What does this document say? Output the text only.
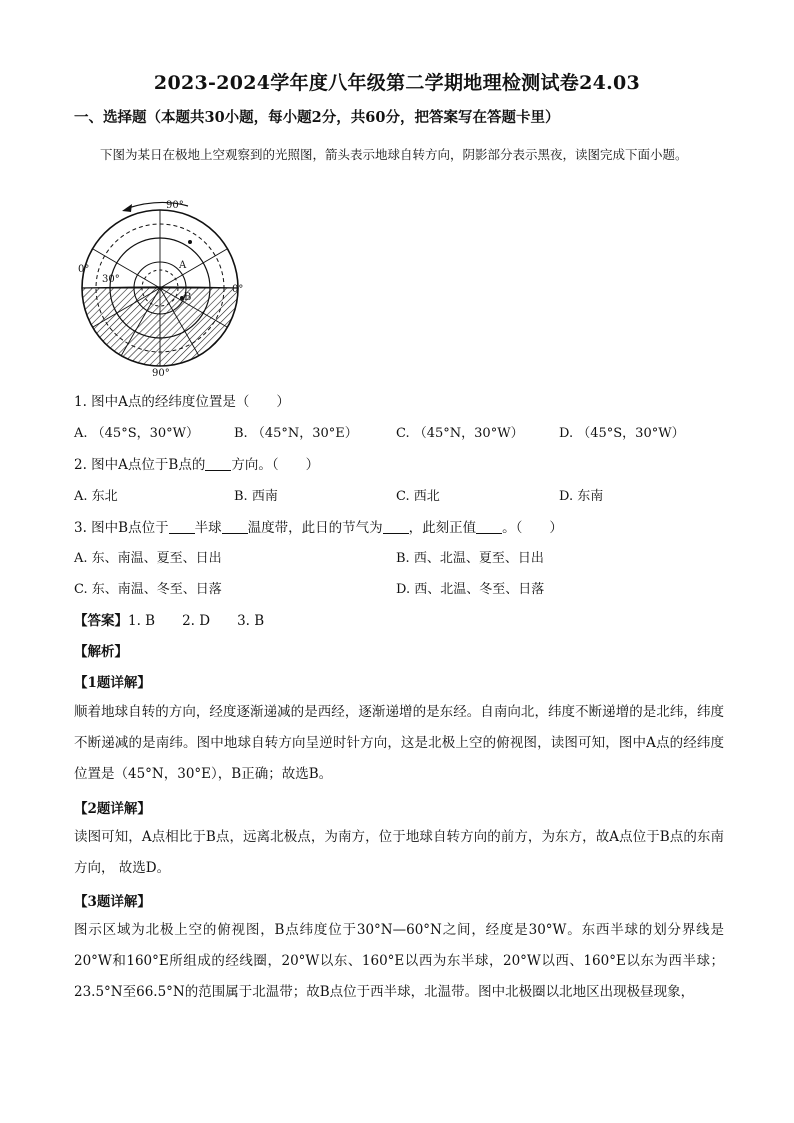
2023-2024学年度八年级第二学期地理检测试卷24.03
一、选择题（本题共30小题，每小题2分，共60分，把答案写在答题卡里）
下图为某日在极地上空观察到的光照图，箭头表示地球自转方向，阴影部分表示黑夜，读图完成下面小题。
90°
90°
0°
0°
30°
A
B
1. 图中A点的经纬度位置是（　　）
A. （45°S，30°W）	B. （45°N，30°E）	C. （45°N，30°W）	D. （45°S，30°W）
2. 图中A点位于B点的 方向。（　　）
A. 东北	B. 西南	C. 西北	D. 东南
3. 图中B点位于 半球 温度带，此日的节气为 ，此刻正值 。（　　）
A. 东、南温、夏至、日出	B. 西、北温、夏至、日出
C. 东、南温、冬至、日落	D. 西、北温、冬至、日落
【答案】1. B　　2. D　　3. B
【解析】
【1题详解】
顺着地球自转的方向，经度逐渐递减的是西经，逐渐递增的是东经。自南向北，纬度不断递增的是北纬，纬度不断递减的是南纬。图中地球自转方向呈逆时针方向，这是北极上空的俯视图，读图可知，图中A点的经纬度位置是（45°N，30°E），B正确；故选B。
【2题详解】
读图可知，A点相比于B点，远离北极点，为南方，位于地球自转方向的前方，为东方，故A点位于B点的东南方向， 故选D。
【3题详解】
图示区域为北极上空的俯视图，B点纬度位于30°N—60°N之间，经度是30°W。东西半球的划分界线是20°W和160°E所组成的经线圈，20°W以东、160°E以西为东半球，20°W以西、160°E以东为西半球；23.5°N至66.5°N的范围属于北温带；故B点位于西半球，北温带。图中北极圈以北地区出现极昼现象，
